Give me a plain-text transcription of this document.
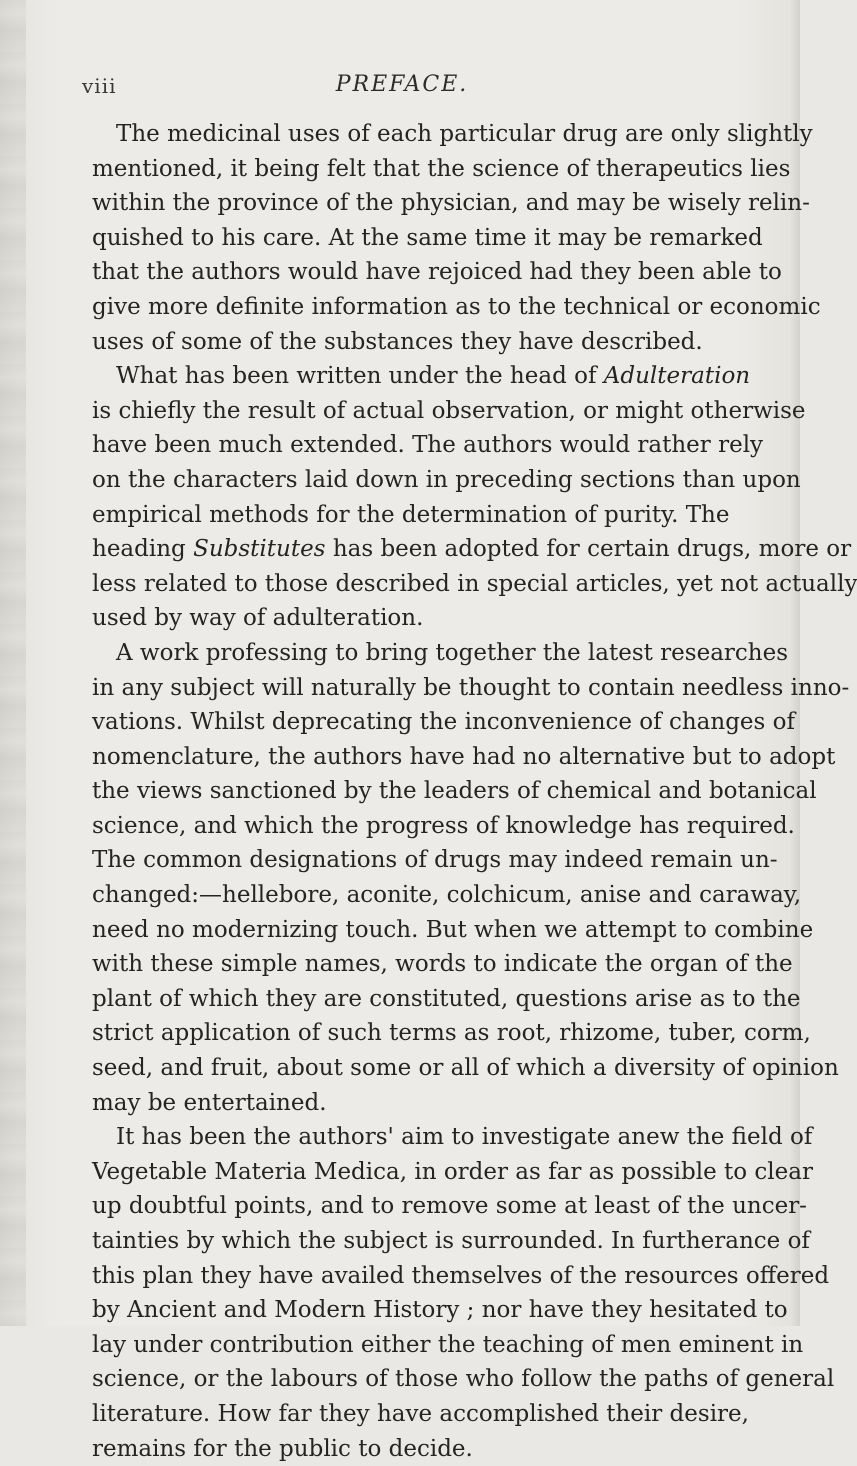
viii	PREFACE.
The medicinal uses of each particular drug are only slightly
mentioned, it being felt that the science of therapeutics lies
within the province of the physician, and may be wisely relin-
quished to his care. At the same time it may be remarked
that the authors would have rejoiced had they been able to
give more definite information as to the technical or economic
uses of some of the substances they have described.
What has been written under the head of Adulteration
is chiefly the result of actual observation, or might otherwise
have been much extended. The authors would rather rely
on the characters laid down in preceding sections than upon
empirical methods for the determination of purity. The
heading Substitutes has been adopted for certain drugs, more or
less related to those described in special articles, yet not actually
used by way of adulteration.
A work professing to bring together the latest researches
in any subject will naturally be thought to contain needless inno-
vations. Whilst deprecating the inconvenience of changes of
nomenclature, the authors have had no alternative but to adopt
the views sanctioned by the leaders of chemical and botanical
science, and which the progress of knowledge has required.
The common designations of drugs may indeed remain un-
changed:—hellebore, aconite, colchicum, anise and caraway,
need no modernizing touch. But when we attempt to combine
with these simple names, words to indicate the organ of the
plant of which they are constituted, questions arise as to the
strict application of such terms as root, rhizome, tuber, corm,
seed, and fruit, about some or all of which a diversity of opinion
may be entertained.
It has been the authors' aim to investigate anew the field of
Vegetable Materia Medica, in order as far as possible to clear
up doubtful points, and to remove some at least of the uncer-
tainties by which the subject is surrounded. In furtherance of
this plan they have availed themselves of the resources offered
by Ancient and Modern History ; nor have they hesitated to
lay under contribution either the teaching of men eminent in
science, or the labours of those who follow the paths of general
literature. How far they have accomplished their desire,
remains for the public to decide.
